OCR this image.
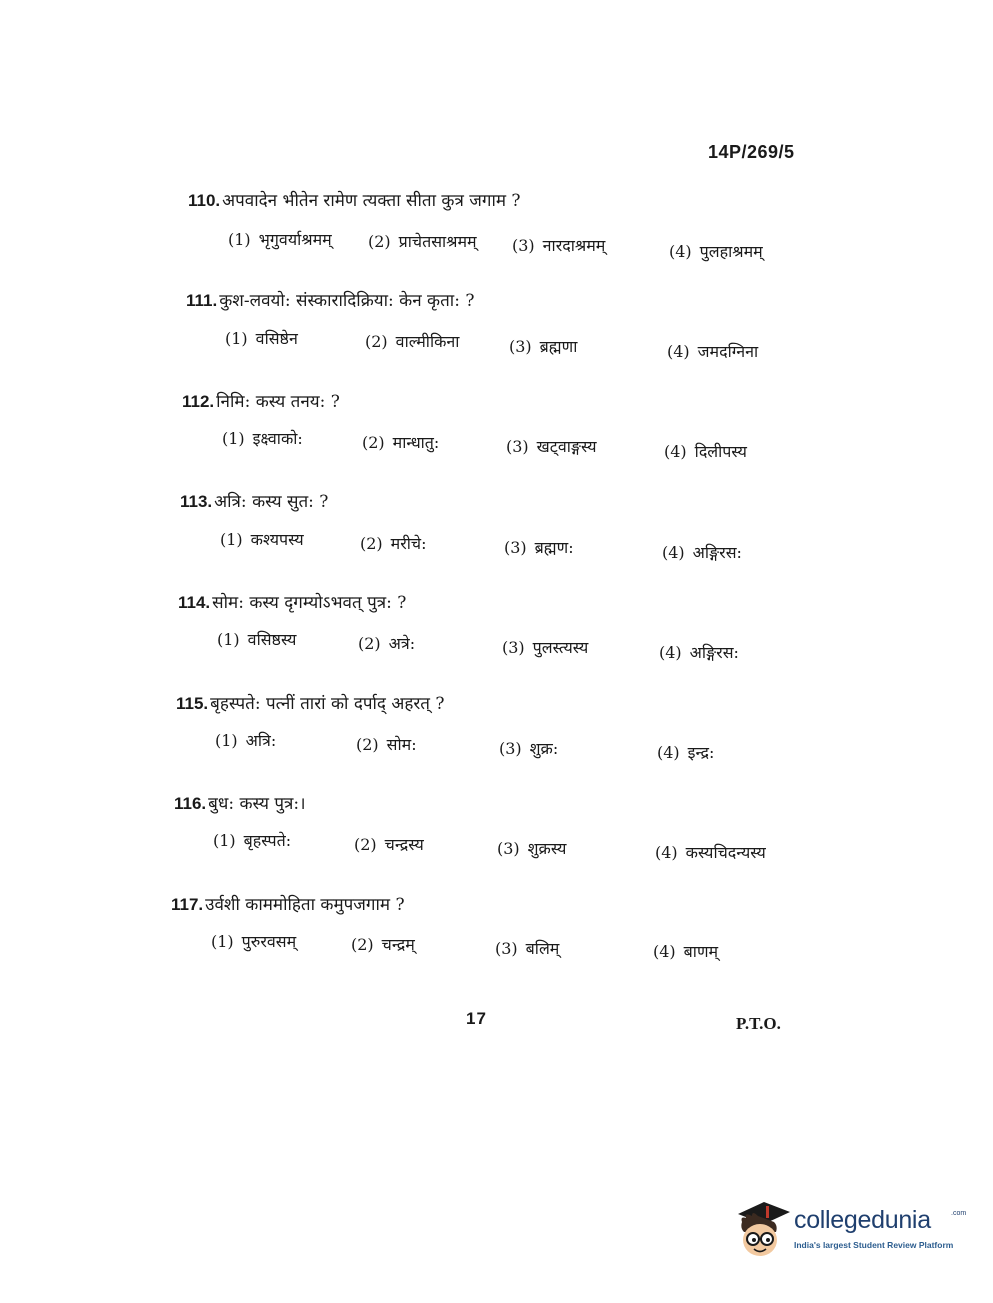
14P/269/5
110. अपवादेन भीतेन रामेण त्यक्ता सीता कुत्र जगाम ?
(1) भृगुवर्याश्रमम् (2) प्राचेतसाश्रमम् (3) नारदाश्रमम्	(4) पुलहाश्रमम्
111. कुश-लवयो: संस्कारादिक्रिया: केन कृता: ?
(1) वसिष्ठेन	(2) वाल्मीकिना	(3) ब्रह्मणा	(4) जमदग्निना
112. निमि: कस्य तनय: ?
(1) इक्ष्वाको:	(2) मान्धातु:	(3) खट्वाङ्गस्य	(4) दिलीपस्य
113. अत्रि: कस्य सुत: ?
(1) कश्यपस्य	(2) मरीचे:	(3) ब्रह्मण:	(4) अङ्गिरस:
114. सोम: कस्य दृगम्योऽभवत् पुत्र: ?
(1) वसिष्ठस्य	(2) अत्रे:	(3) पुलस्त्यस्य	(4) अङ्गिरस:
115. बृहस्पते: पत्नीं तारां को दर्पाद् अहरत् ?
(1) अत्रि:	(2) सोम:	(3) शुक्र:	(4) इन्द्र:
116. बुध: कस्य पुत्र:।
(1) बृहस्पते:	(2) चन्द्रस्य	(3) शुक्रस्य	(4) कस्यचिदन्यस्य
117. उर्वशी काममोहिता कमुपजगाम ?
(1) पुरुरवसम्	(2) चन्द्रम्	(3) बलिम्	(4) बाणम्
17	P.T.O.
collegedunia	.com
India's largest Student Review Platform
